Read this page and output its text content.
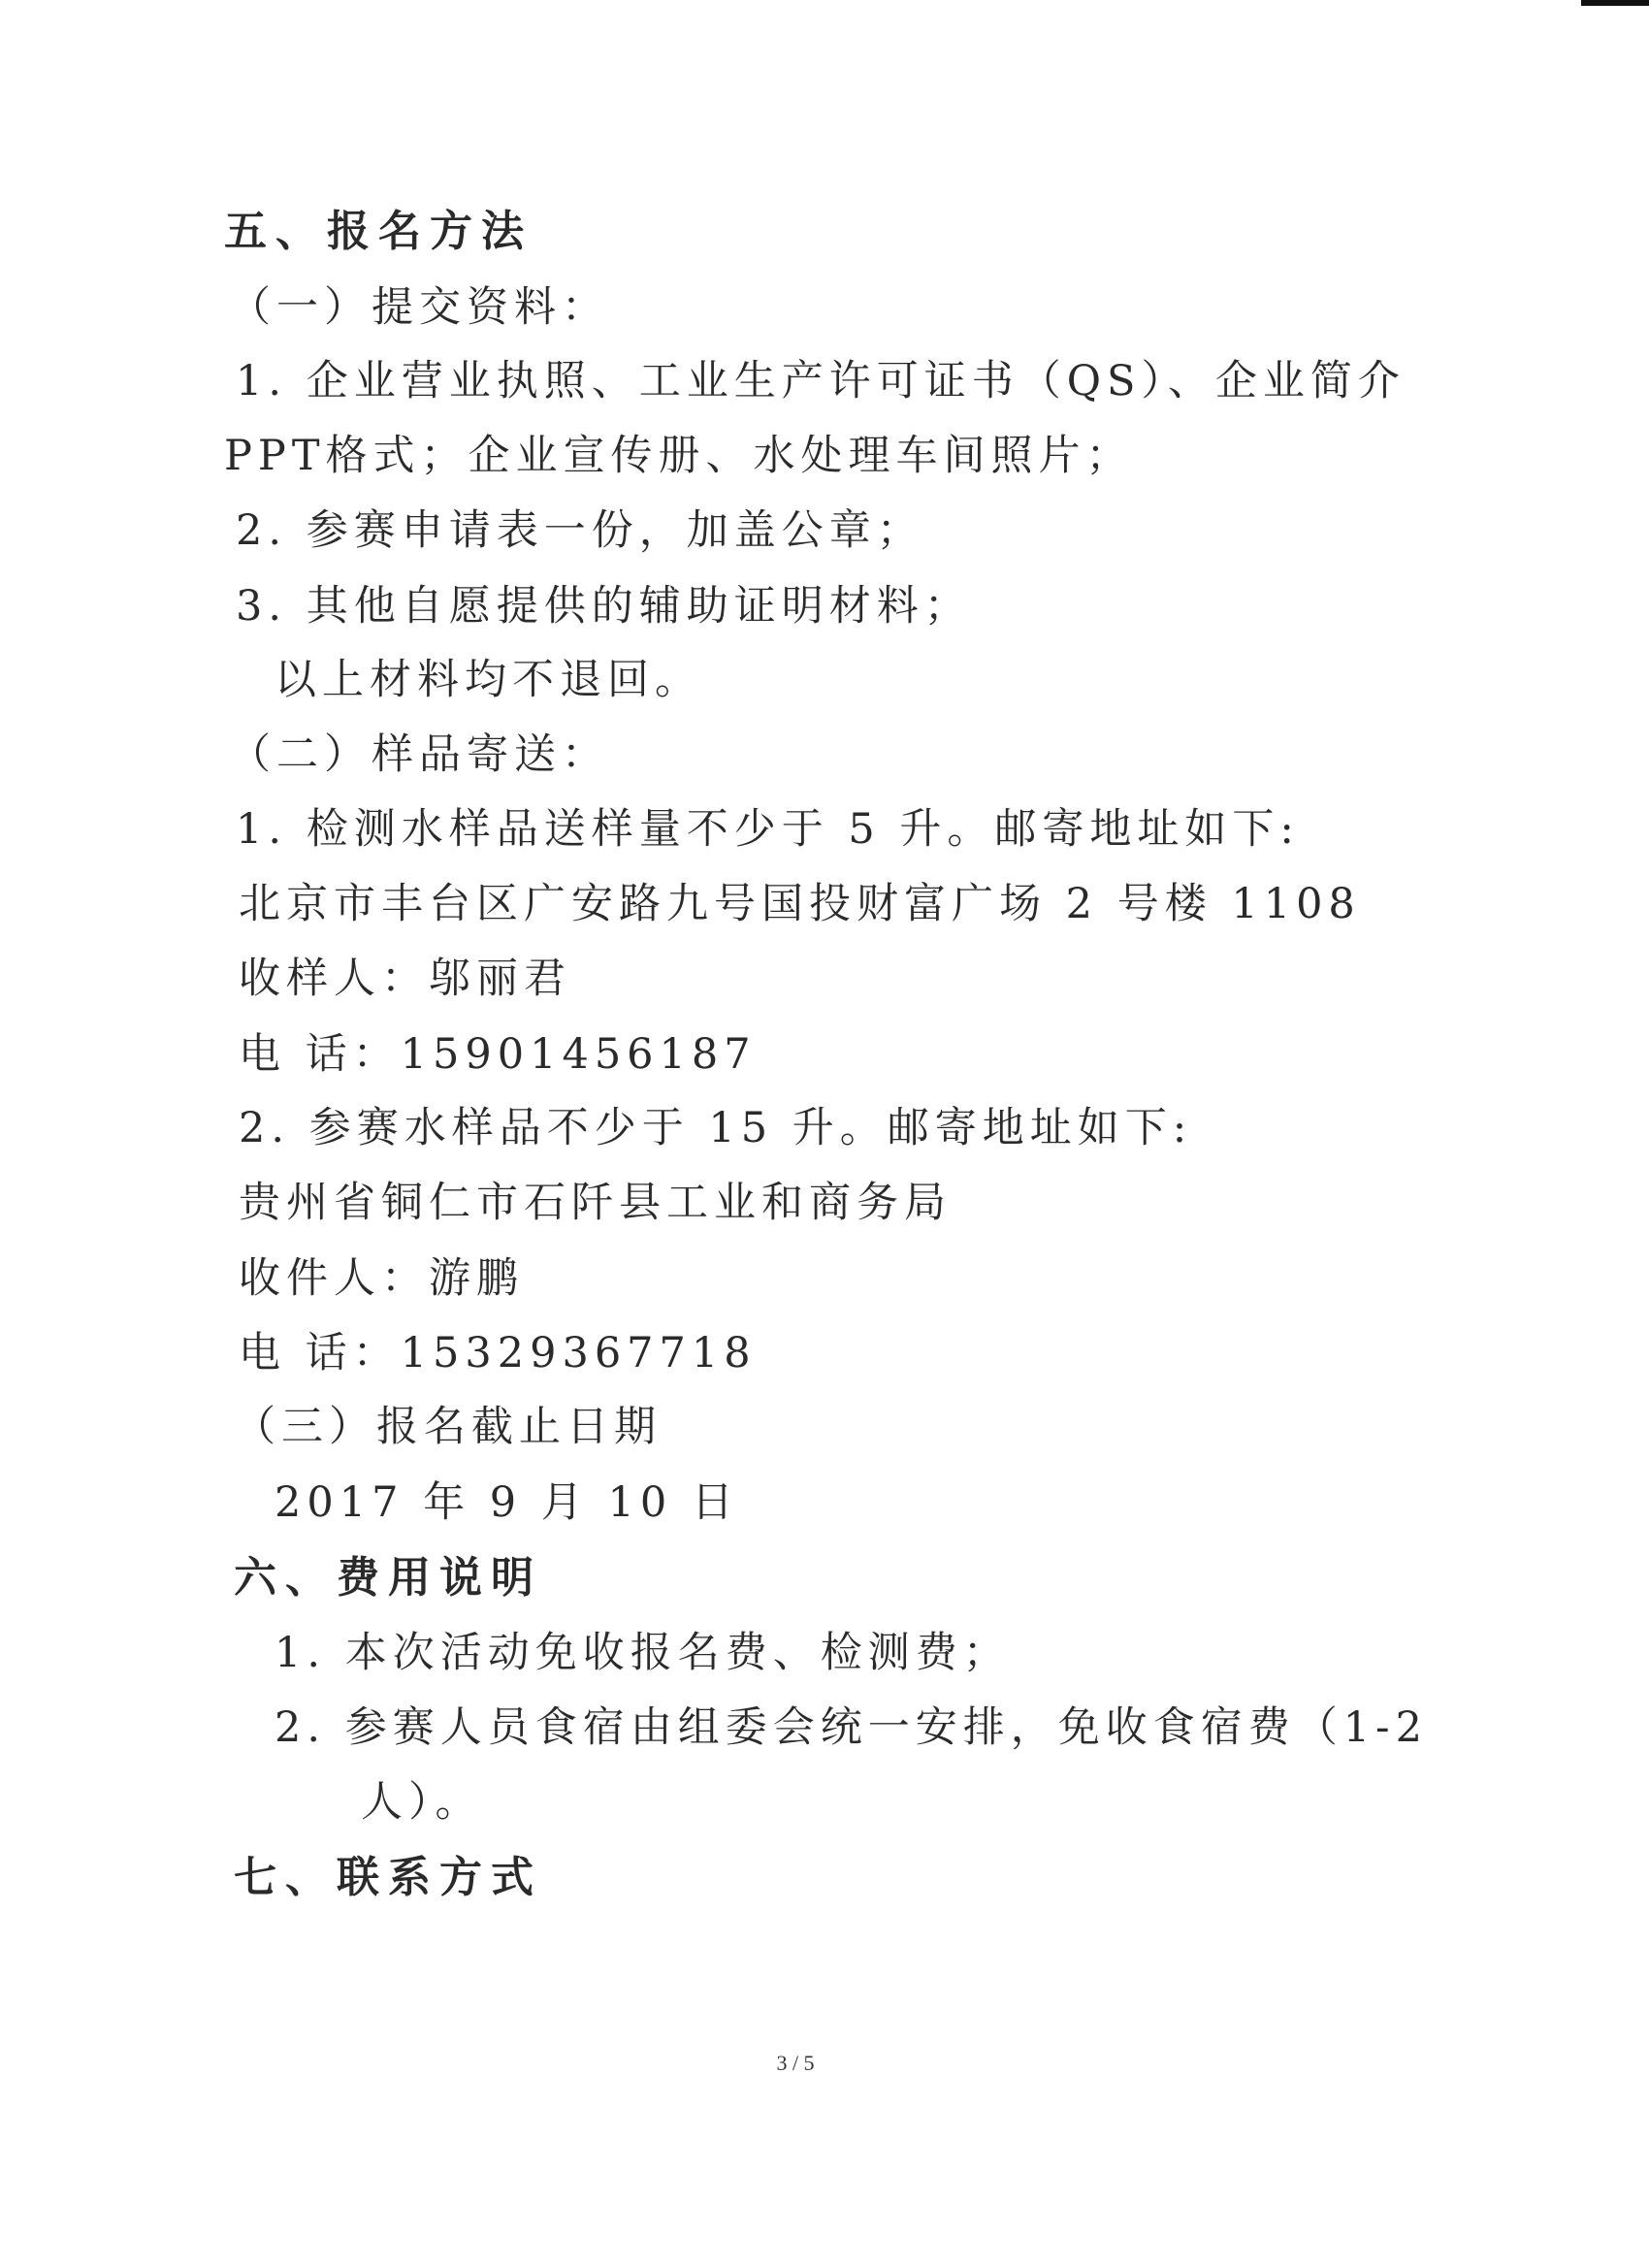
五、报名方法
（一）提交资料：
1. 企业营业执照、工业生产许可证书（QS）、企业简介
PPT格式；企业宣传册、水处理车间照片；
2. 参赛申请表一份，加盖公章；
3. 其他自愿提供的辅助证明材料；
以上材料均不退回。
（二）样品寄送：
1. 检测水样品送样量不少于 5 升。邮寄地址如下:
北京市丰台区广安路九号国投财富广场 2 号楼 1108
收样人：邬丽君
电 话：15901456187
2. 参赛水样品不少于 15 升。邮寄地址如下:
贵州省铜仁市石阡县工业和商务局
收件人：游鹏
电 话：15329367718
（三）报名截止日期
2017 年 9 月 10 日
六、费用说明
1. 本次活动免收报名费、检测费；
2. 参赛人员食宿由组委会统一安排，免收食宿费（1-2
人）。
七、联系方式
3 / 5
